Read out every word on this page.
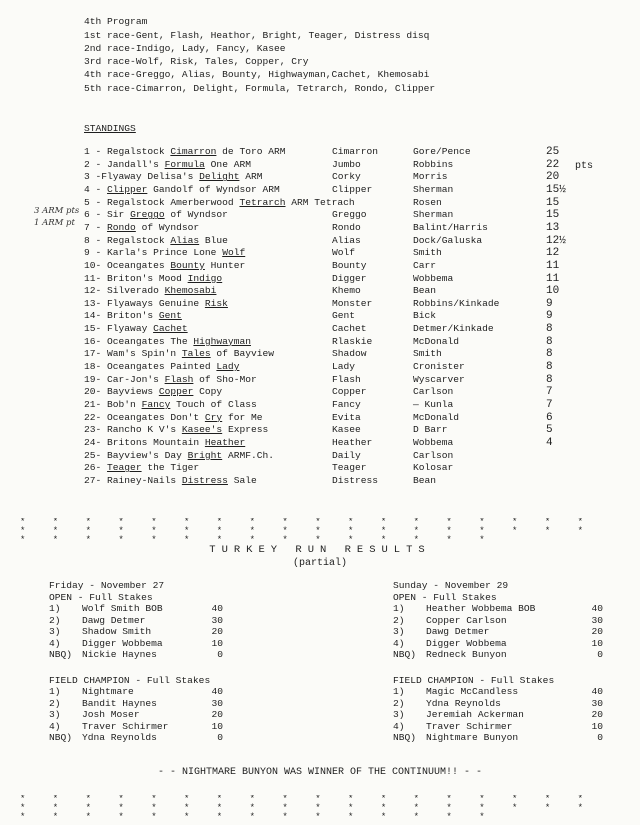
4th Program
1st race-Gent, Flash, Heathor, Bright, Teager, Distress disq
2nd race-Indigo, Lady, Fancy, Kasee
3rd race-Wolf, Risk, Tales, Copper, Cry
4th race-Greggo, Alias, Bounty, Highwayman,Cachet, Khemosabi
5th race-Cimarron, Delight, Formula, Tetrarch, Rondo, Clipper
STANDINGS
pts
3 ARM pts
1 ARM pt
1 - Regalstock Cimarron de Toro ARM	Cimarron	Gore/Pence	25
2 - Jandall's Formula One ARM	Jumbo	Robbins	22
3 -Flyaway Delisa's Delight ARM	Corky	Morris	20
4 - Clipper Gandolf of Wyndsor ARM	Clipper	Sherman	15½
5 - Regalstock Amerberwood Tetrarch ARM Tetrach	Rosen	15
6 - Sir Greggo of Wyndsor	Greggo	Sherman	15
7 - Rondo of Wyndsor	Rondo	Balint/Harris	13
8 - Regalstock Alias Blue	Alias	Dock/Galuska	12½
9 - Karla's Prince Lone Wolf	Wolf	Smith	12
10- Oceangates Bounty Hunter	Bounty	Carr	11
11- Briton's Mood Indigo	Digger	Wobbema	11
12- Silverado Khemosabi	Khemo	Bean	10
13- Flyaways Genuine Risk	Monster	Robbins/Kinkade	9
14- Briton's Gent	Gent	Bick	9
15- Flyaway Cachet	Cachet	Detmer/Kinkade	8
16- Oceangates The Highwayman	Rlaskie	McDonald	8
17- Wam's Spin'n Tales of Bayview	Shadow	Smith	8
18- Oceangates Painted Lady	Lady	Cronister	8
19- Car-Jon's Flash of Sho-Mor	Flash	Wyscarver	8
20- Bayviews Copper Copy	Copper	Carlson	7
21- Bob'n Fancy Touch of Class	Fancy	— Kunla	7
22- Oceangates Don't Cry for Me	Evita	McDonald	6
23- Rancho K V's Kasee's Express	Kasee	D Barr	5
24- Britons Mountain Heather	Heather	Wobbema	4
25- Bayview's Day Bright ARMF.Ch.	Daily	Carlson
26- Teager the Tiger	Teager	Kolosar
27- Rainey-Nails Distress Sale	Distress	Bean
* * * * * * * * * * * * * * * * * * * * * * * * * * * * * * * * * * * * * * * * * * * * * * * * * * *
TURKEY RUN RESULTS
(partial)
Friday - November 27
OPEN - Full Stakes
1) Wolf Smith BOB	40
2) Dawg Detmer	30
3) Shadow Smith	20
4) Digger Wobbema	10
NBQ) Nickie Haynes	0
FIELD CHAMPION - Full Stakes
1) Nightmare	40
2) Bandit Haynes	30
3) Josh Moser	20
4) Traver Schirmer	10
NBQ) Ydna Reynolds	0
Sunday - November 29
OPEN - Full Stakes
1) Heather Wobbema BOB	40
2) Copper Carlson	30
3) Dawg Detmer	20
4) Digger Wobbema	10
NBQ) Redneck Bunyon	0
FIELD CHAMPION - Full Stakes
1) Magic McCandless	40
2) Ydna Reynolds	30
3) Jeremiah Ackerman	20
4) Traver Schirmer	10
NBQ) Nightmare Bunyon	0
- - NIGHTMARE BUNYON WAS WINNER OF THE CONTINUUM!! - -
* * * * * * * * * * * * * * * * * * * * * * * * * * * * * * * * * * * * * * * * * * * * * * * * * * *
